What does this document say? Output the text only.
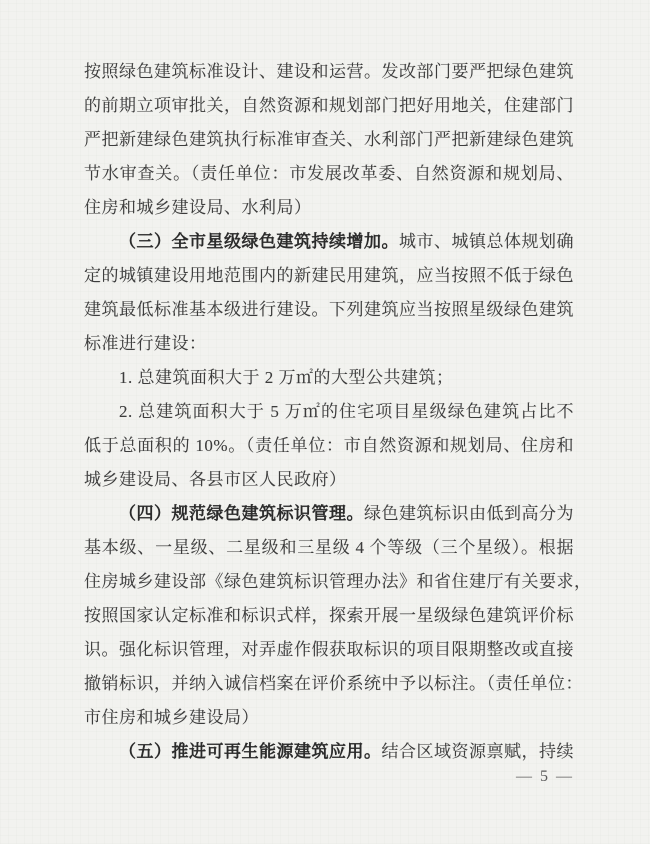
按照绿色建筑标准设计、建设和运营。发改部门要严把绿色建筑
的前期立项审批关，自然资源和规划部门把好用地关，住建部门
严把新建绿色建筑执行标准审查关、水利部门严把新建绿色建筑
节水审查关。（责任单位：市发展改革委、自然资源和规划局、
住房和城乡建设局、水利局）
（三）全市星级绿色建筑持续增加。城市、城镇总体规划确
定的城镇建设用地范围内的新建民用建筑，应当按照不低于绿色
建筑最低标准基本级进行建设。下列建筑应当按照星级绿色建筑
标准进行建设：
1. 总建筑面积大于 2 万㎡的大型公共建筑；
2. 总建筑面积大于 5 万㎡的住宅项目星级绿色建筑占比不
低于总面积的 10%。（责任单位：市自然资源和规划局、住房和
城乡建设局、各县市区人民政府）
（四）规范绿色建筑标识管理。绿色建筑标识由低到高分为
基本级、一星级、二星级和三星级 4 个等级（三个星级）。根据
住房城乡建设部《绿色建筑标识管理办法》和省住建厅有关要求，
按照国家认定标准和标识式样，探索开展一星级绿色建筑评价标
识。强化标识管理，对弄虚作假获取标识的项目限期整改或直接
撤销标识，并纳入诚信档案在评价系统中予以标注。（责任单位：
市住房和城乡建设局）
（五）推进可再生能源建筑应用。结合区域资源禀赋，持续
— 5 —
